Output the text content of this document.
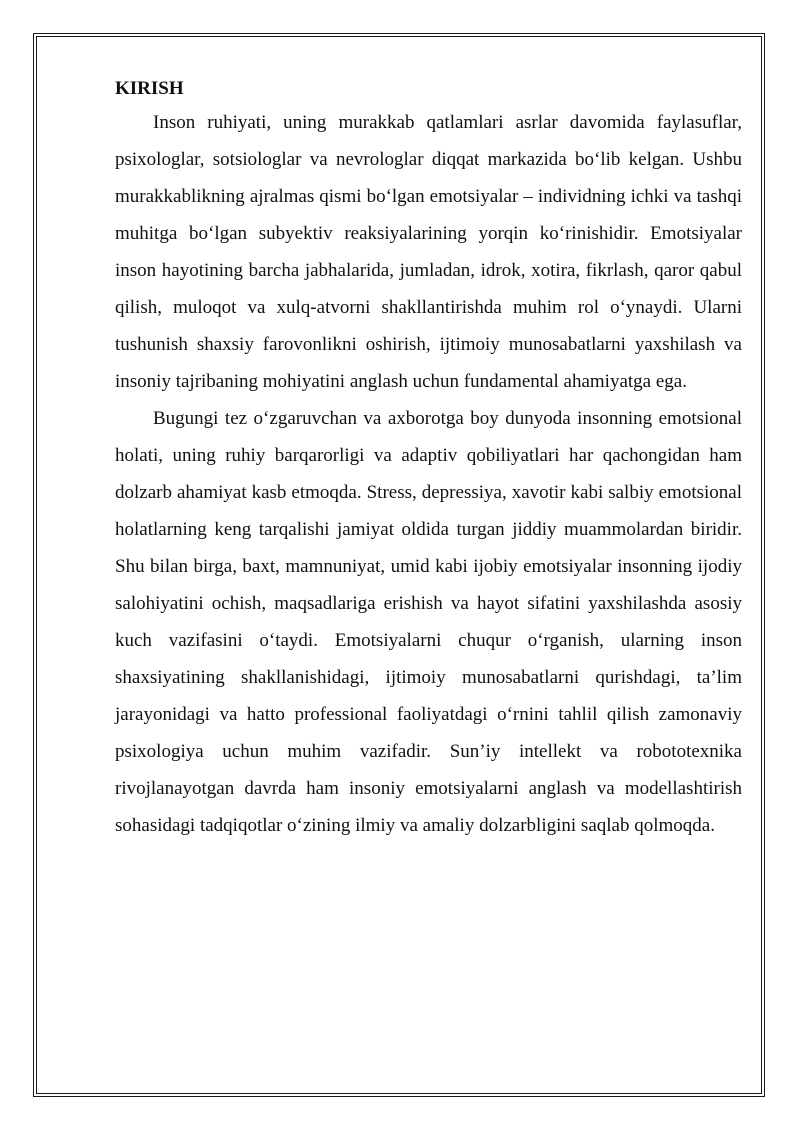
KIRISH

Inson ruhiyati, uning murakkab qatlamlari asrlar davomida faylasuflar, psixologlar, sotsiologlar va nevrologlar diqqat markazida bo‘lib kelgan. Ushbu murakkablikning ajralmas qismi bo‘lgan emotsiyalar – individning ichki va tashqi muhitga bo‘lgan subyektiv reaksiyalarining yorqin ko‘rinishidir. Emotsiyalar inson hayotining barcha jabhalarida, jumladan, idrok, xotira, fikrlash, qaror qabul qilish, muloqot va xulq-atvorni shakllantirishda muhim rol o‘ynaydi. Ularni tushunish shaxsiy farovonlikni oshirish, ijtimoiy munosabatlarni yaxshilash va insoniy tajribaning mohiyatini anglash uchun fundamental ahamiyatga ega.

Bugungi tez o‘zgaruvchan va axborotga boy dunyoda insonning emotsional holati, uning ruhiy barqarorligi va adaptiv qobiliyatlari har qachongidan ham dolzarb ahamiyat kasb etmoqda. Stress, depressiya, xavotir kabi salbiy emotsional holatlarning keng tarqalishi jamiyat oldida turgan jiddiy muammolardan biridir. Shu bilan birga, baxt, mamnuniyat, umid kabi ijobiy emotsiyalar insonning ijodiy salohiyatini ochish, maqsadlariga erishish va hayot sifatini yaxshilashda asosiy kuch vazifasini o‘taydi. Emotsiyalarni chuqur o‘rganish, ularning inson shaxsiyatining shakllanishidagi, ijtimoiy munosabatlarni qurishdagi, ta’lim jarayonidagi va hatto professional faoliyatdagi o‘rnini tahlil qilish zamonaviy psixologiya uchun muhim vazifadir. Sun’iy intellekt va robototexnika rivojlanayotgan davrda ham insoniy emotsiyalarni anglash va modellashtirish sohasidagi tadqiqotlar o‘zining ilmiy va amaliy dolzarbligini saqlab qolmoqda.
